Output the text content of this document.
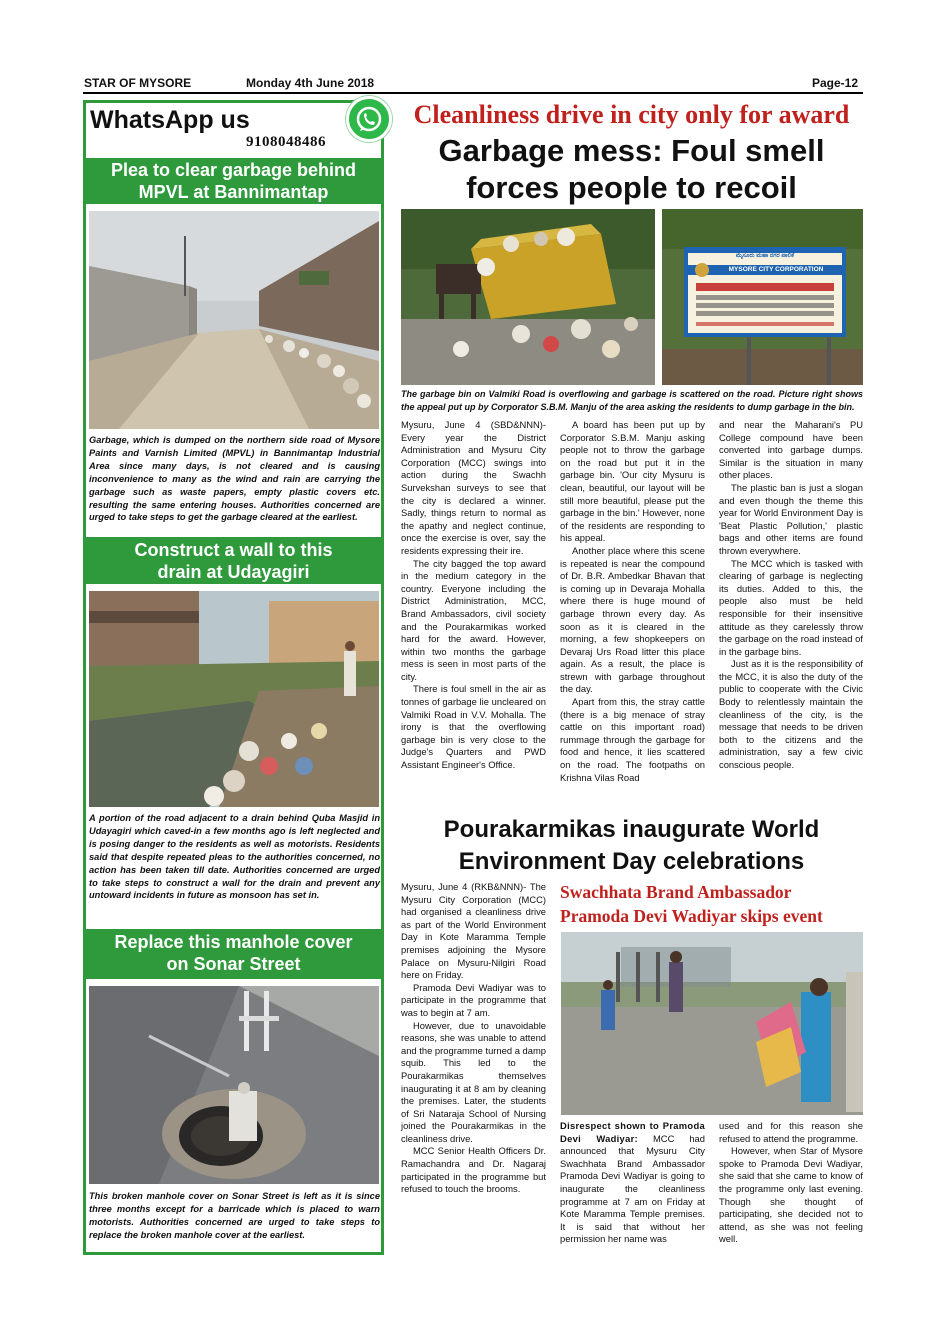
STAR OF MYSORE	Monday 4th June 2018	Page-12
WhatsApp us
9108048486
Plea to clear garbage behind
MPVL at Bannimantap
Garbage, which is dumped on the northern side road of Mysore Paints and Varnish Limited (MPVL) in Bannimantap Industrial Area since many days, is not cleared and is causing inconvenience to many as the wind and rain are carrying the garbage such as waste papers, empty plastic covers etc. resulting the same entering houses. Authorities concerned are urged to take steps to get the garbage cleared at the earliest.
Construct a wall to this
drain at Udayagiri
A portion of the road adjacent to a drain behind Quba Masjid in Udayagiri which caved-in a few months ago is left neglected and is posing danger to the residents as well as motorists. Residents said that despite repeated pleas to the authorities concerned, no action has been taken till date. Authorities concerned are urged to take steps to construct a wall for the drain and prevent any untoward incidents in future as monsoon has set in.
Replace this manhole cover
on Sonar Street
This broken manhole cover on Sonar Street is left as it is since three months except for a barricade which is placed to warn motorists. Authorities concerned are urged to take steps to replace the broken manhole cover at the earliest.
Cleanliness drive in city only for award
Garbage mess: Foul smell
forces people to recoil
ಮೈಸೂರು ಮಹಾ ನಗರ ಪಾಲಿಕೆ
MYSORE CITY CORPORATION
The garbage bin on Valmiki Road is overflowing and garbage is scattered on the road. Picture right shows the appeal put up by Corporator S.B.M. Manju of the area asking the residents to dump garbage in the bin.

Mysuru, June 4 (SBD&NNN)- Every year the District Administration and Mysuru City Corporation (MCC) swings into action during the Swachh Survekshan surveys to see that the city is declared a winner. Sadly, things return to normal as the apathy and neglect continue, once the exercise is over, say the residents expressing their ire.

The city bagged the top award in the medium category in the country. Everyone including the District Administration, MCC, Brand Ambassadors, civil society and the Pourakarmikas worked hard for the award. However, within two months the garbage mess is seen in most parts of the city.

There is foul smell in the air as tonnes of garbage lie uncleared on Valmiki Road in V.V. Mohalla. The irony is that the overflowing garbage bin is very close to the Judge's Quarters and PWD Assistant Engineer's Office.

A board has been put up by Corporator S.B.M. Manju asking people not to throw the garbage on the road but put it in the garbage bin. 'Our city Mysuru is clean, beautiful, our layout will be still more beautiful, please put the garbage in the bin.' However, none of the residents are responding to his appeal.

Another place where this scene is repeated is near the compound of Dr. B.R. Ambedkar Bhavan that is coming up in Devaraja Mohalla where there is huge mound of garbage thrown every day. As soon as it is cleared in the morning, a few shopkeepers on Devaraj Urs Road litter this place again. As a result, the place is strewn with garbage throughout the day.

Apart from this, the stray cattle (there is a big menace of stray cattle on this important road) rummage through the garbage for food and hence, it lies scattered on the road. The footpaths on Krishna Vilas Road

and near the Maharani's PU College compound have been converted into garbage dumps. Similar is the situation in many other places.

The plastic ban is just a slogan and even though the theme this year for World Environment Day is 'Beat Plastic Pollution,' plastic bags and other items are found thrown everywhere.

The MCC which is tasked with clearing of garbage is neglecting its duties. Added to this, the people also must be held responsible for their insensitive attitude as they carelessly throw the garbage on the road instead of in the garbage bins.

Just as it is the responsibility of the MCC, it is also the duty of the public to cooperate with the Civic Body to relentlessly maintain the cleanliness of the city, is the message that needs to be driven both to the citizens and the administration, say a few civic conscious people.

Pourakarmikas inaugurate World
Environment Day celebrations

Mysuru, June 4 (RKB&NNN)- The Mysuru City Corporation (MCC) had organised a cleanliness drive as part of the World Environment Day in Kote Maramma Temple premises adjoining the Mysore Palace on Mysuru-Nilgiri Road here on Friday.

Pramoda Devi Wadiyar was to participate in the programme that was to begin at 7 am.

However, due to unavoidable reasons, she was unable to attend and the programme turned a damp squib. This led to the Pourakarmikas themselves inaugurating it at 8 am by cleaning the premises. Later, the students of Sri Nataraja School of Nursing joined the Pourakarmikas in the cleanliness drive.

MCC Senior Health Officers Dr. Ramachandra and Dr. Nagaraj participated in the programme but refused to touch the brooms.

Swachhata Brand Ambassador
Pramoda Devi Wadiyar skips event

Disrespect shown to Pramoda Devi Wadiyar: MCC had announced that Mysuru City Swachhata Brand Ambassador Pramoda Devi Wadiyar is going to inaugurate the cleanliness programme at 7 am on Friday at Kote Maramma Temple premises. It is said that without her permission her name was

used and for this reason she refused to attend the programme.

However, when Star of Mysore spoke to Pramoda Devi Wadiyar, she said that she came to know of the programme only last evening. Though she thought of participating, she decided not to attend, as she was not feeling well.
